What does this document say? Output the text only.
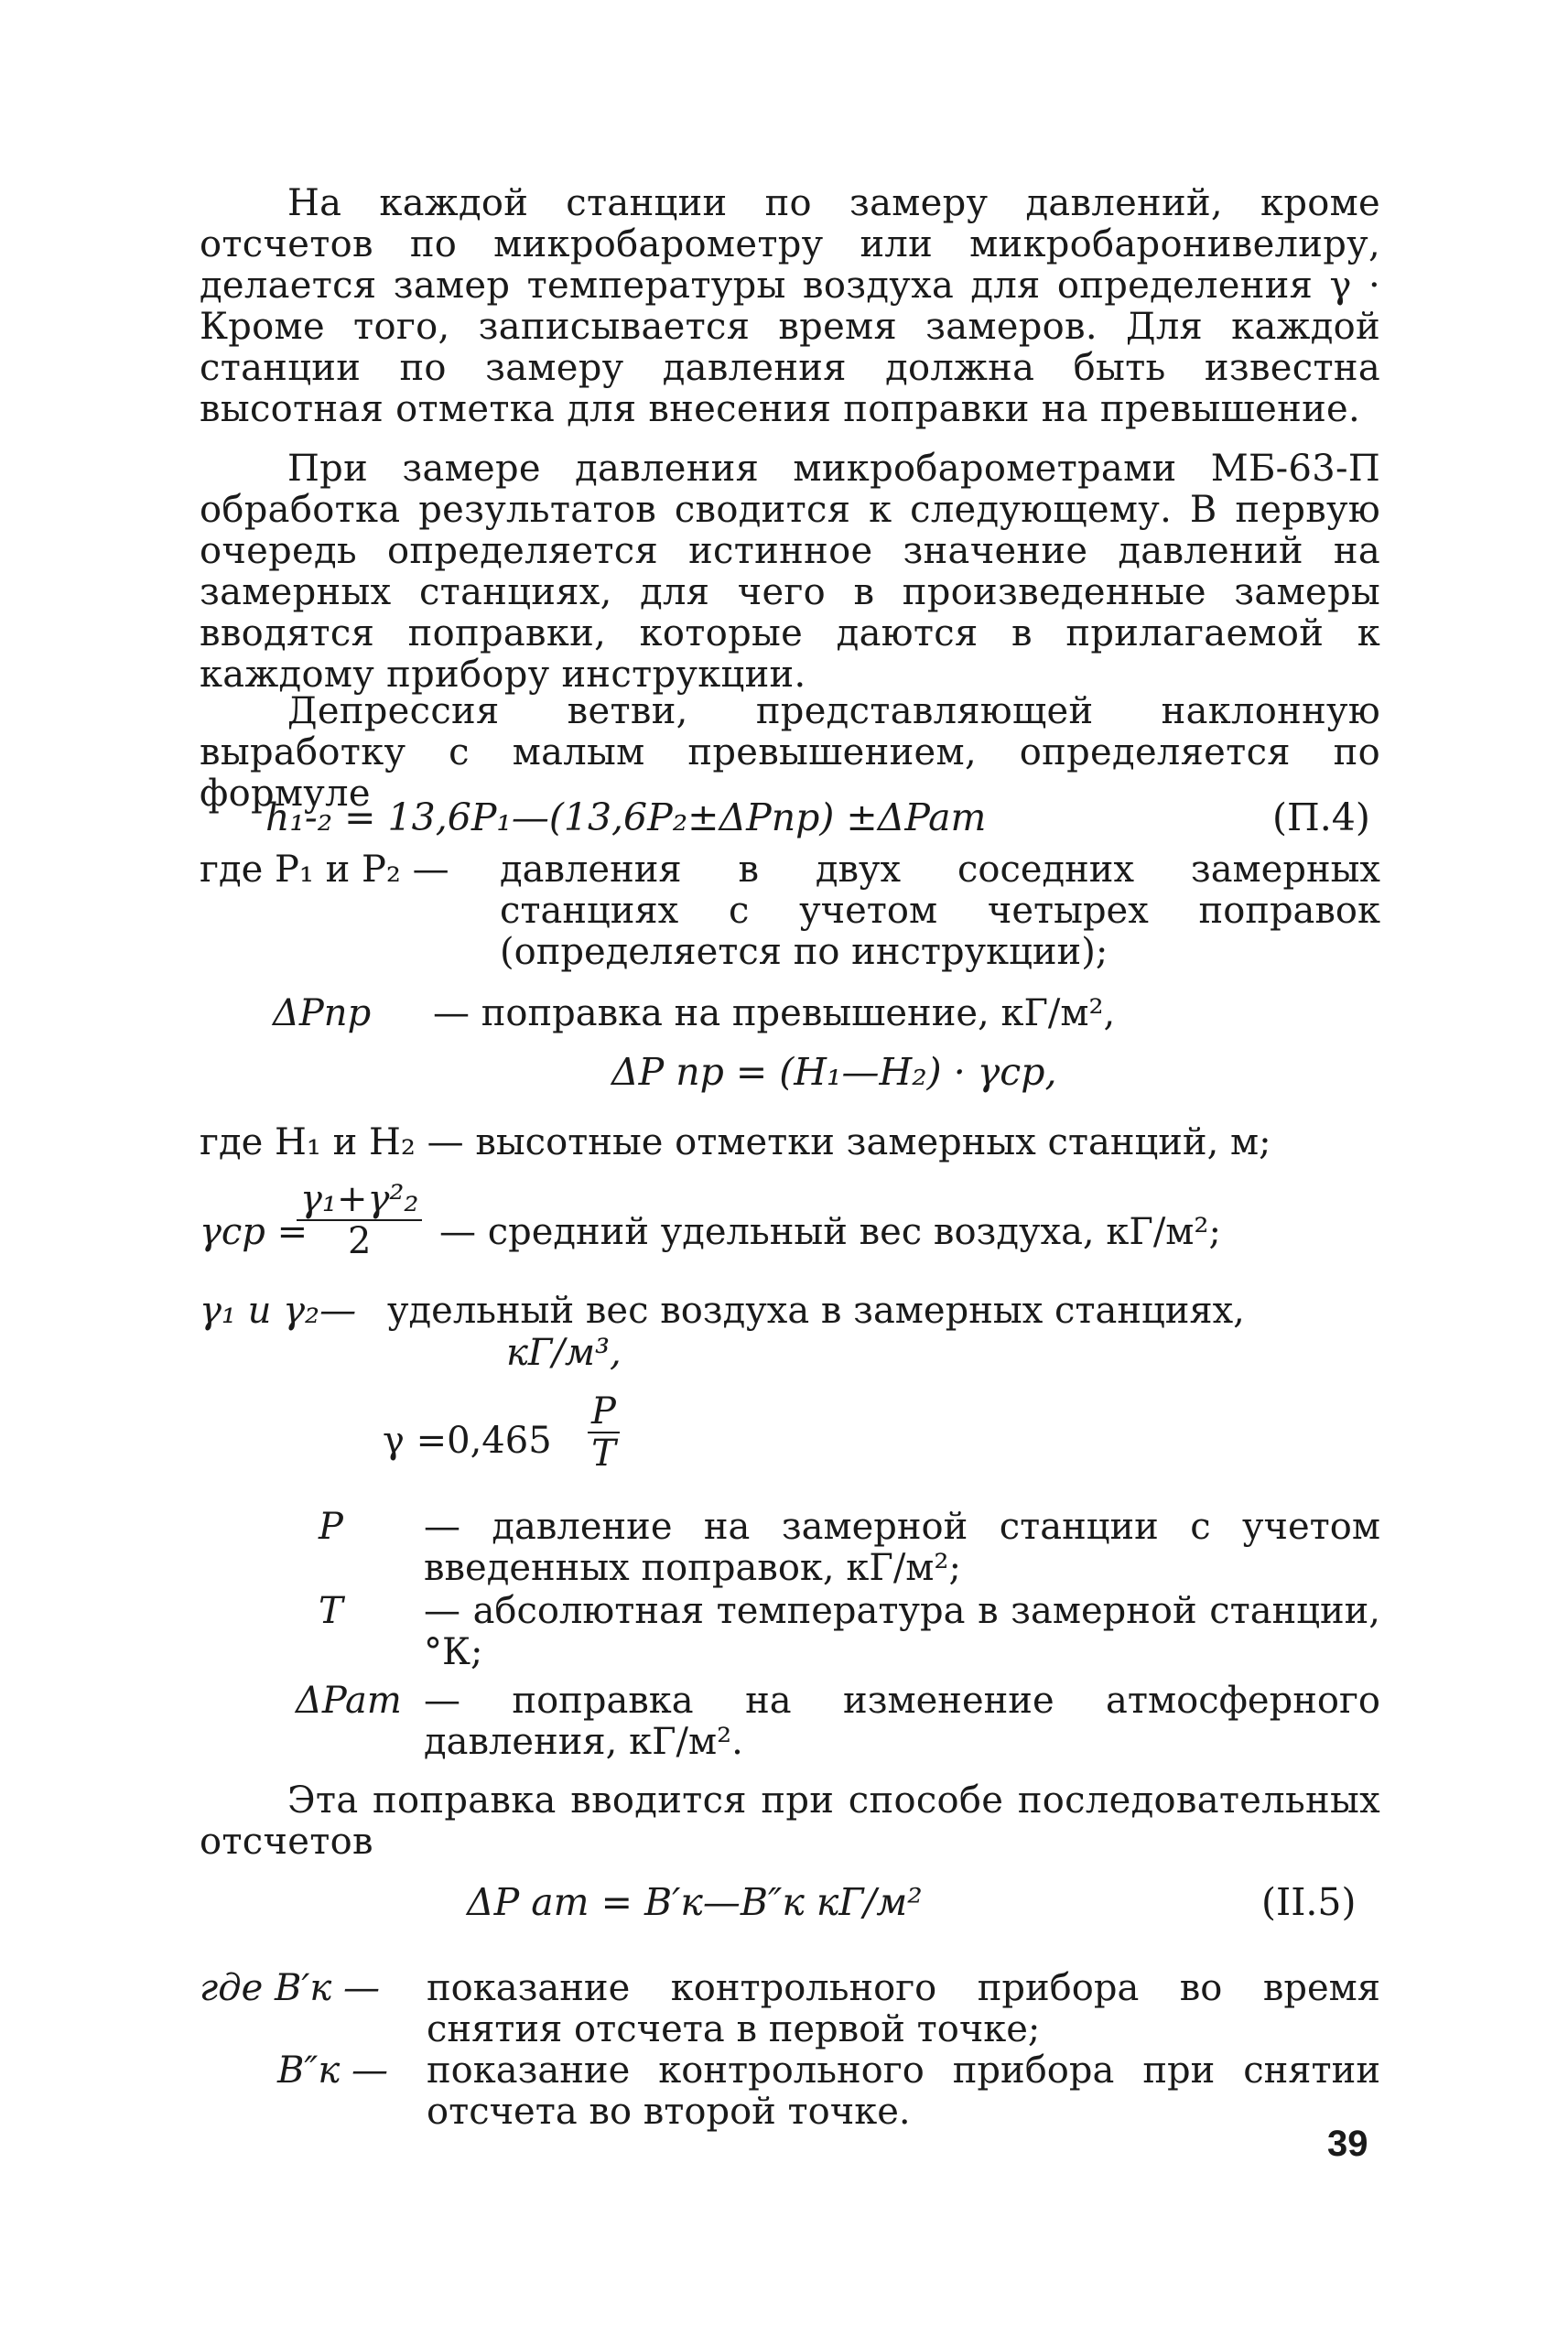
На каждой станции по замеру давлений, кроме отсчетов по микробарометру или микробаронивелиру, делается замер температуры воздуха для определения γ · Кроме того, записывается время замеров. Для каждой станции по замеру давления должна быть известна высотная отметка для внесения поправки на превышение.

При замере давления микробарометрами МБ-63-П обработка результатов сводится к следующему. В первую очередь определяется истинное значение давлений на замерных станциях, для чего в произведенные замеры вводятся поправки, которые даются в прилагаемой к каждому прибору инструкции.

Депрессия ветви, представляющей наклонную выработку с малым превышением, определяется по формуле

h₁-₂ = 13,6P₁—(13,6P₂±ΔPпр) ±ΔPam	(П.4)
где P₁ и P₂ — давления в двух соседних замерных станциях с учетом четырех поправок (определяется по инструкции);
ΔPпр — поправка на превышение, кГ/м²,
ΔP пр = (H₁—H₂) · γср,
где H₁ и H₂ — высотные отметки замерных станций, м;
γср =
$\frac{\text{γ₁+γ²₂}}{2}$ — средний удельный вес воздуха, кГ/м²;
γ₁ и γ₂— удельный вес воздуха в замерных станциях,
кГ/м³,
$\gamma =0,465 \frac{P}{T}$
P — давление на замерной станции с учетом введенных поправок, кГ/м²;
T — абсолютная температура в замерной станции, °К;
ΔPam — поправка на изменение атмосферного давления, кГ/м².

Эта поправка вводится при способе последовательных отсчетов

ΔP am = B′к—B″к кГ/м²	(II.5)
где B′к — показание контрольного прибора во время снятия отсчета в первой точке;
B″к — показание контрольного прибора при снятии отсчета во второй точке.
39
